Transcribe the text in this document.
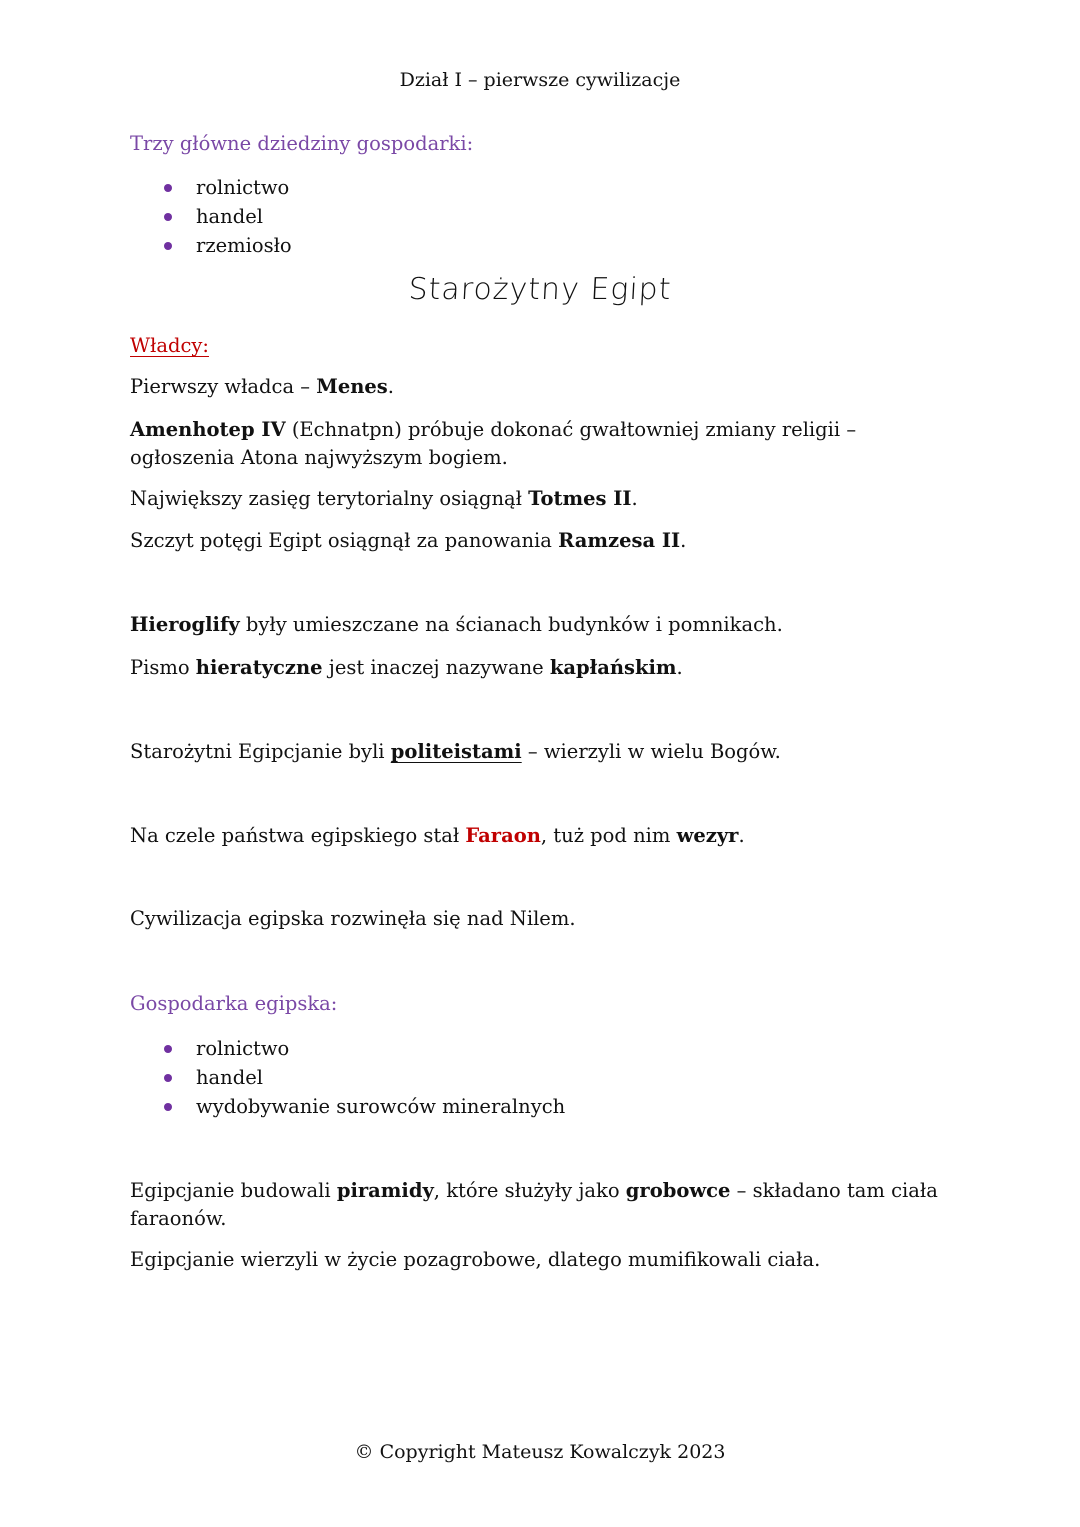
Dział I – pierwsze cywilizacje
Trzy główne dziedziny gospodarki:
rolnictwo
handel
rzemiosło
Starożytny Egipt
Władcy:
Pierwszy władca – Menes.
Amenhotep IV (Echnatpn) próbuje dokonać gwałtowniej zmiany religii – ogłoszenia Atona najwyższym bogiem.
Największy zasięg terytorialny osiągnął Totmes II.
Szczyt potęgi Egipt osiągnął za panowania Ramzesa II.
Hieroglify były umieszczane na ścianach budynków i pomnikach.
Pismo hieratyczne jest inaczej nazywane kapłańskim.
Starożytni Egipcjanie byli politeistami – wierzyli w wielu Bogów.
Na czele państwa egipskiego stał Faraon, tuż pod nim wezyr.
Cywilizacja egipska rozwinęła się nad Nilem.
Gospodarka egipska:
rolnictwo
handel
wydobywanie surowców mineralnych
Egipcjanie budowali piramidy, które służyły jako grobowce – składano tam ciała faraonów.
Egipcjanie wierzyli w życie pozagrobowe, dlatego mumifikowali ciała.
© Copyright Mateusz Kowalczyk 2023
